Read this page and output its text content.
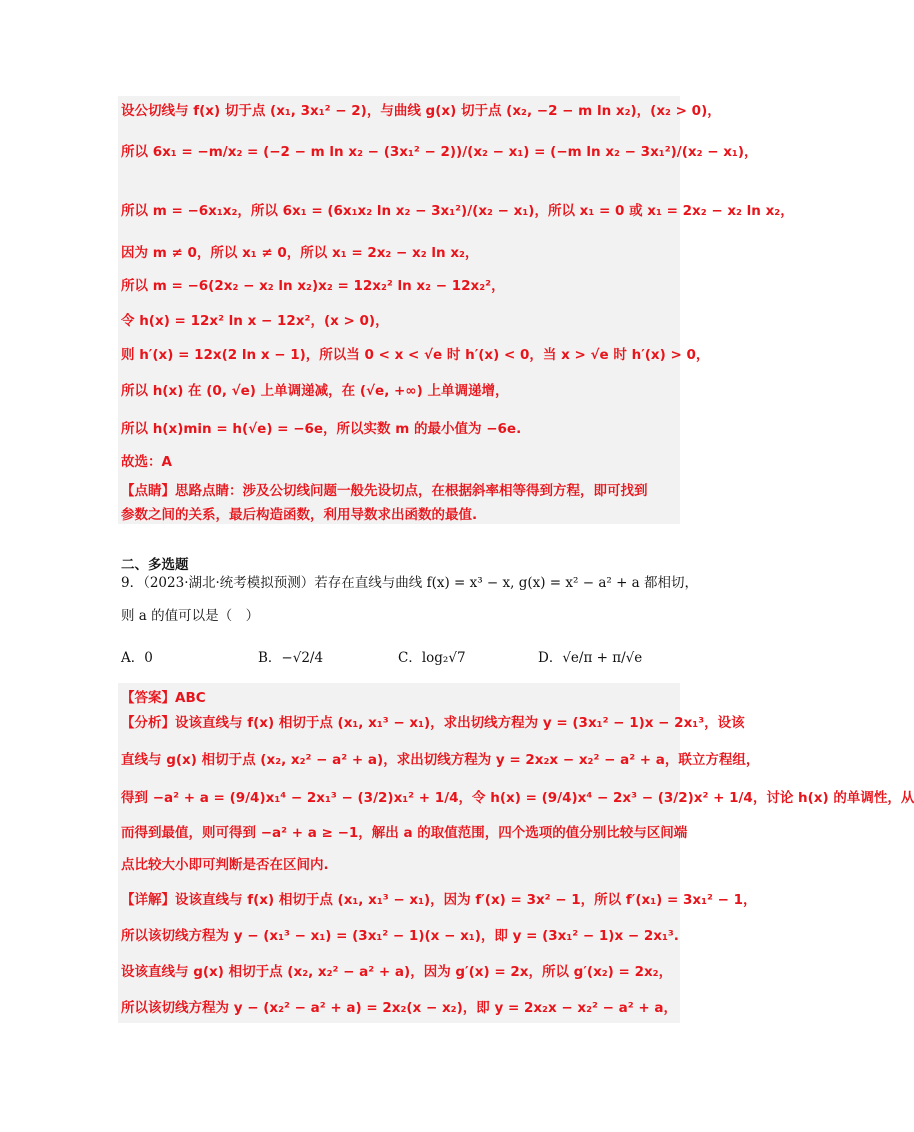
设公切线与 f(x) 切于点 (x₁, 3x₁² − 2)，与曲线 g(x) 切于点 (x₂, −2 − m ln x₂)，(x₂ > 0)，
所以 6x₁ = −m/x₂ = (−2 − m ln x₂ − (3x₁² − 2))/(x₂ − x₁) = (−m ln x₂ − 3x₁²)/(x₂ − x₁)，
所以 m = −6x₁x₂，所以 6x₁ = (6x₁x₂ ln x₂ − 3x₁²)/(x₂ − x₁)，所以 x₁ = 0 或 x₁ = 2x₂ − x₂ ln x₂，
因为 m ≠ 0，所以 x₁ ≠ 0，所以 x₁ = 2x₂ − x₂ ln x₂，
所以 m = −6(2x₂ − x₂ ln x₂)x₂ = 12x₂² ln x₂ − 12x₂²，
令 h(x) = 12x² ln x − 12x²，(x > 0)，
则 h′(x) = 12x(2 ln x − 1)，所以当 0 < x < √e 时 h′(x) < 0，当 x > √e 时 h′(x) > 0，
所以 h(x) 在 (0, √e) 上单调递减，在 (√e, +∞) 上单调递增，
所以 h(x)min = h(√e) = −6e，所以实数 m 的最小值为 −6e.
故选：A
【点睛】思路点睛：涉及公切线问题一般先设切点，在根据斜率相等得到方程，即可找到
参数之间的关系，最后构造函数，利用导数求出函数的最值.
二、多选题
9．（2023·湖北·统考模拟预测）若存在直线与曲线 f(x) = x³ − x, g(x) = x² − a² + a 都相切，
则 a 的值可以是（　）
A．0	B．−√2/4	C．log₂√7	D．√e/π + π/√e
【答案】ABC
【分析】设该直线与 f(x) 相切于点 (x₁, x₁³ − x₁)，求出切线方程为 y = (3x₁² − 1)x − 2x₁³，设该
直线与 g(x) 相切于点 (x₂, x₂² − a² + a)，求出切线方程为 y = 2x₂x − x₂² − a² + a，联立方程组，
得到 −a² + a = (9/4)x₁⁴ − 2x₁³ − (3/2)x₁² + 1/4，令 h(x) = (9/4)x⁴ − 2x³ − (3/2)x² + 1/4，讨论 h(x) 的单调性，从
而得到最值，则可得到 −a² + a ≥ −1，解出 a 的取值范围，四个选项的值分别比较与区间端
点比较大小即可判断是否在区间内.
【详解】设该直线与 f(x) 相切于点 (x₁, x₁³ − x₁)，因为 f′(x) = 3x² − 1，所以 f′(x₁) = 3x₁² − 1，
所以该切线方程为 y − (x₁³ − x₁) = (3x₁² − 1)(x − x₁)，即 y = (3x₁² − 1)x − 2x₁³.
设该直线与 g(x) 相切于点 (x₂, x₂² − a² + a)，因为 g′(x) = 2x，所以 g′(x₂) = 2x₂，
所以该切线方程为 y − (x₂² − a² + a) = 2x₂(x − x₂)，即 y = 2x₂x − x₂² − a² + a，
